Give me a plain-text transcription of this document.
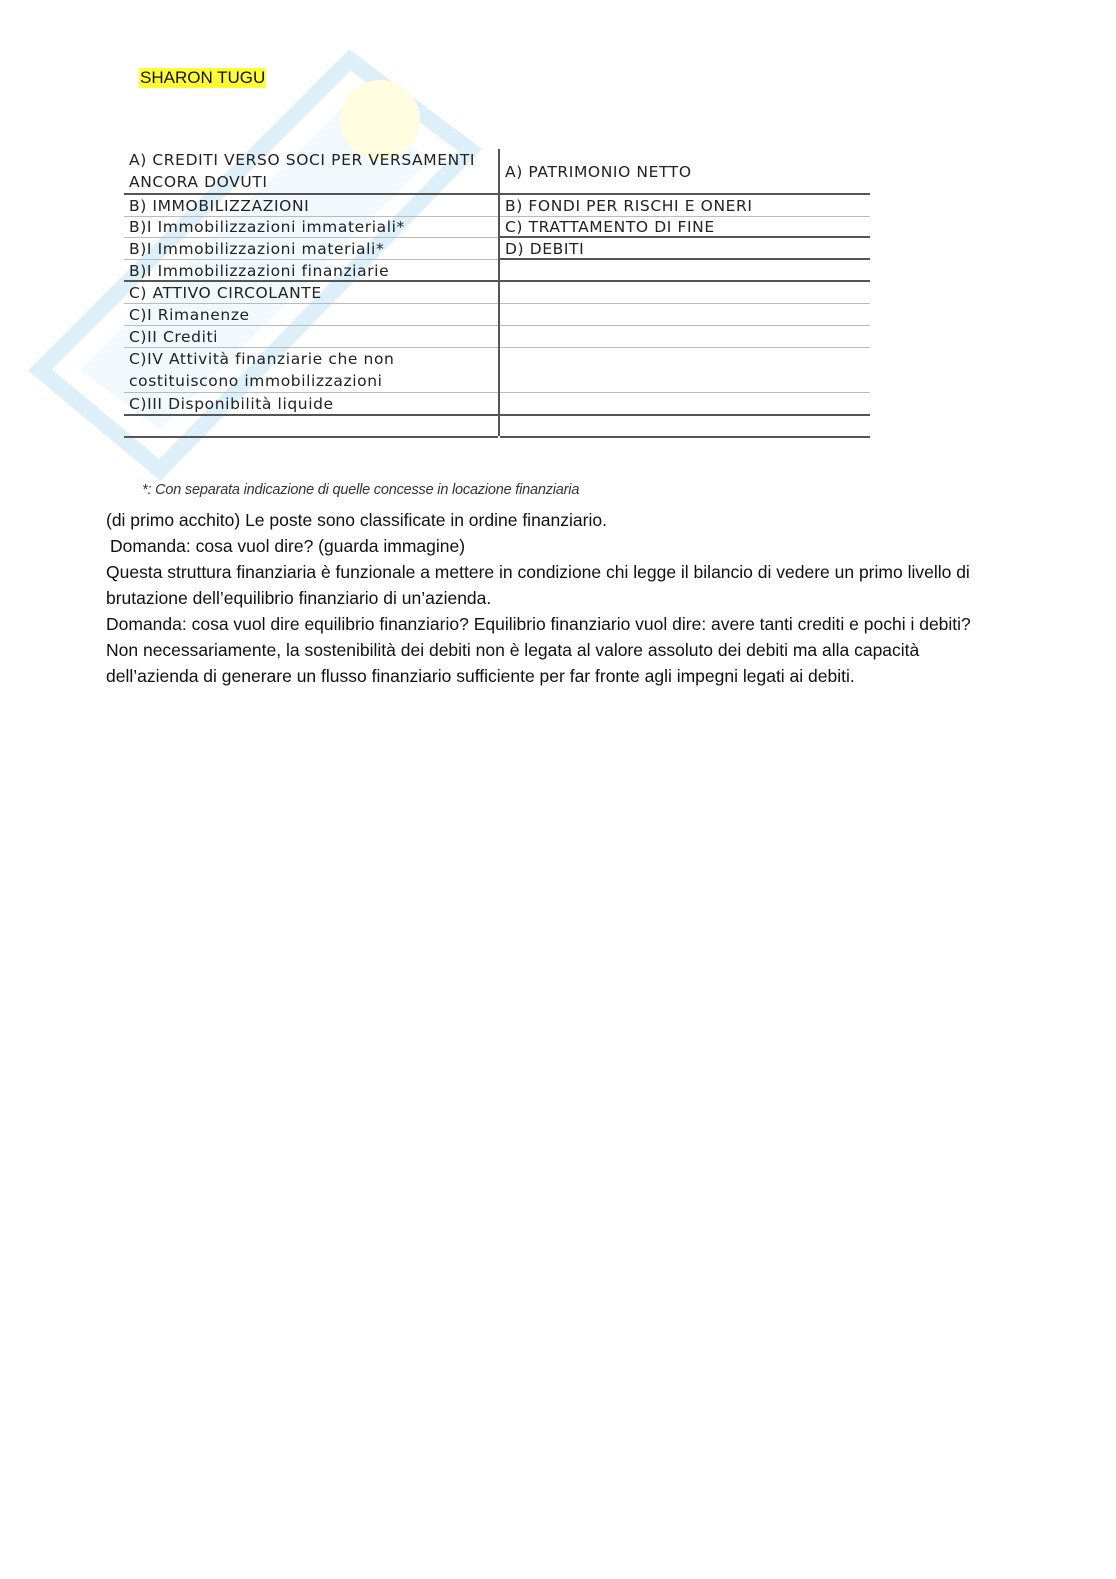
SHARON TUGU
A) CREDITI VERSO SOCI PER VERSAMENTI ANCORA DOVUTI
B) IMMOBILIZZAZIONI
B)I Immobilizzazioni immateriali*
B)I Immobilizzazioni materiali*
B)I Immobilizzazioni finanziarie
C) ATTIVO CIRCOLANTE
C)I Rimanenze
C)II Crediti
C)IV Attività finanziarie che non costituiscono immobilizzazioni
C)III Disponibilità liquide
A) PATRIMONIO NETTO
B) FONDI PER RISCHI E ONERI
C) TRATTAMENTO DI FINE
D) DEBITI
*: Con separata indicazione di quelle concesse in locazione finanziaria

(di primo acchito) Le poste sono classificate in ordine finanziario.

Domanda: cosa vuol dire? (guarda immagine)

Questa struttura finanziaria è funzionale a mettere in condizione chi legge il bilancio di vedere un primo livello di brutazione dell’equilibrio finanziario di un’azienda.

Domanda: cosa vuol dire equilibrio finanziario? Equilibrio finanziario vuol dire: avere tanti crediti e pochi i debiti? Non necessariamente, la sostenibilità dei debiti non è legata al valore assoluto dei debiti ma alla capacità dell’azienda di generare un flusso finanziario sufficiente per far fronte agli impegni legati ai debiti.
